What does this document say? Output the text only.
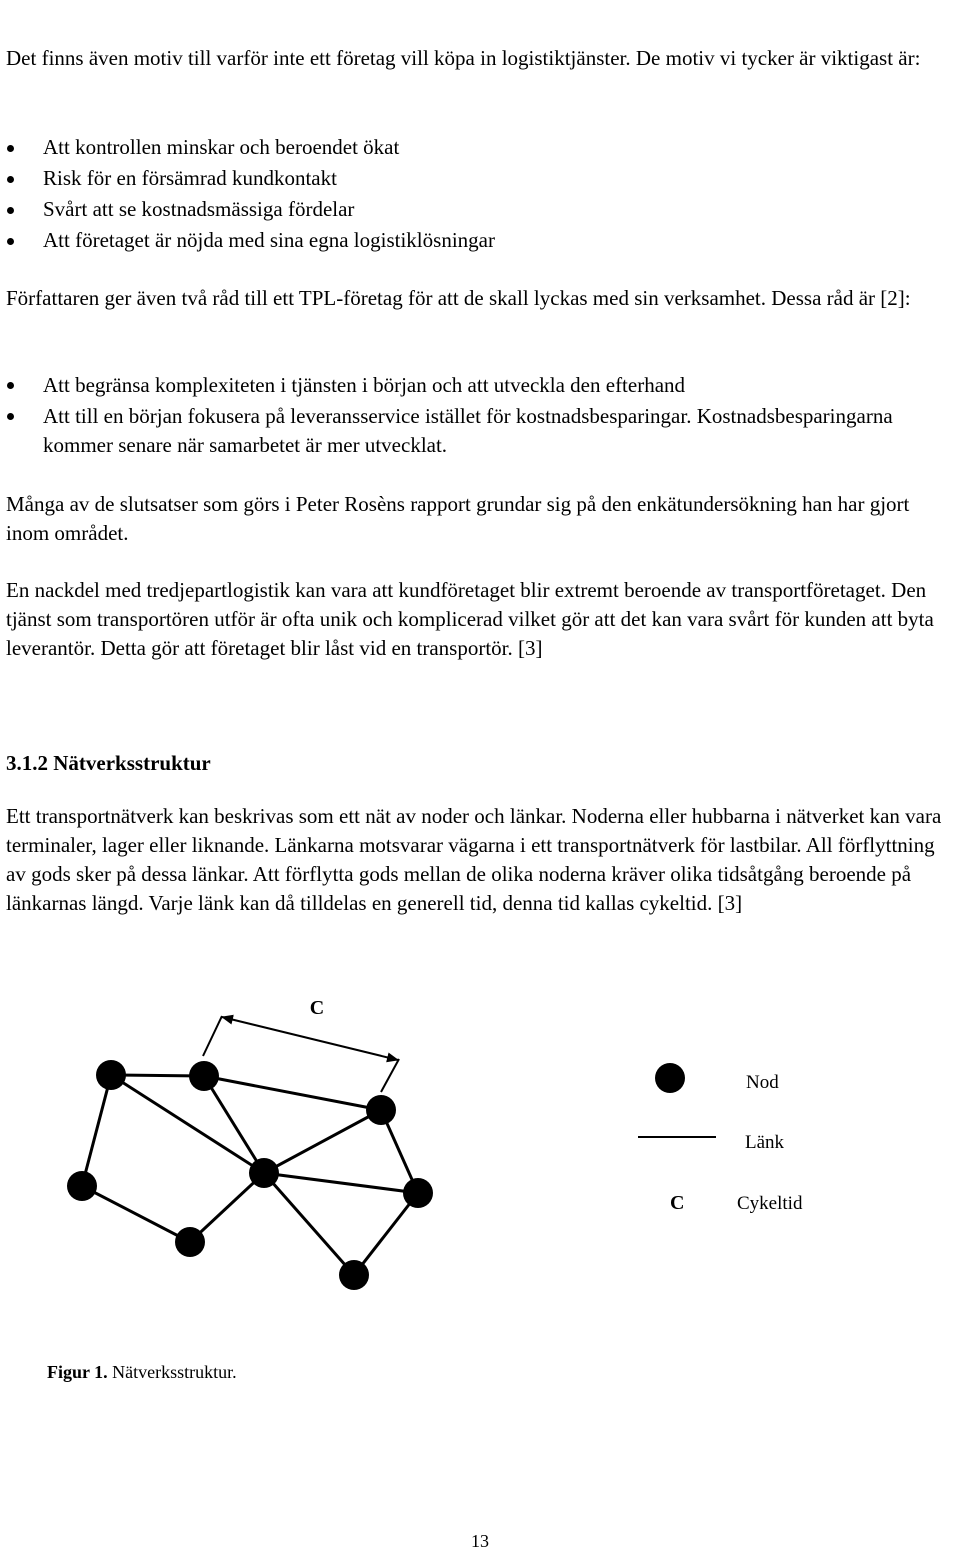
Det finns även motiv till varför inte ett företag vill köpa in logistiktjänster. De motiv vi tycker är viktigast är:

Att kontrollen minskar och beroendet ökat
Risk för en försämrad kundkontakt
Svårt att se kostnadsmässiga fördelar
Att företaget är nöjda med sina egna logistiklösningar

Författaren ger även två råd till ett TPL-företag för att de skall lyckas med sin verksamhet. Dessa råd är [2]:

Att begränsa komplexiteten i tjänsten i början och att utveckla den efterhand
Att till en början fokusera på leveransservice istället för kostnadsbesparingar. Kostnadsbesparingarna kommer senare när samarbetet är mer utvecklat.

Många av de slutsatser som görs i Peter Rosèns rapport grundar sig på den enkätundersökning han har gjort inom området.

En nackdel med tredjepartlogistik kan vara att kundföretaget blir extremt beroende av transportföretaget. Den tjänst som transportören utför är ofta unik och komplicerad vilket gör att det kan vara svårt för kunden att byta leverantör. Detta gör att företaget blir låst vid en transportör. [3]

3.1.2 Nätverksstruktur

Ett transportnätverk kan beskrivas som ett nät av noder och länkar. Noderna eller hubbarna i nätverket kan vara terminaler, lager eller liknande. Länkarna motsvarar vägarna i ett transportnätverk för lastbilar. All förflyttning av gods sker på dessa länkar. Att förflytta gods mellan de olika noderna kräver olika tidsåtgång beroende på länkarnas längd. Varje länk kan då tilldelas en generell tid, denna tid kallas cykeltid. [3]

C
Nod
Länk
C	Cykeltid

Figur 1. Nätverksstruktur.

13
